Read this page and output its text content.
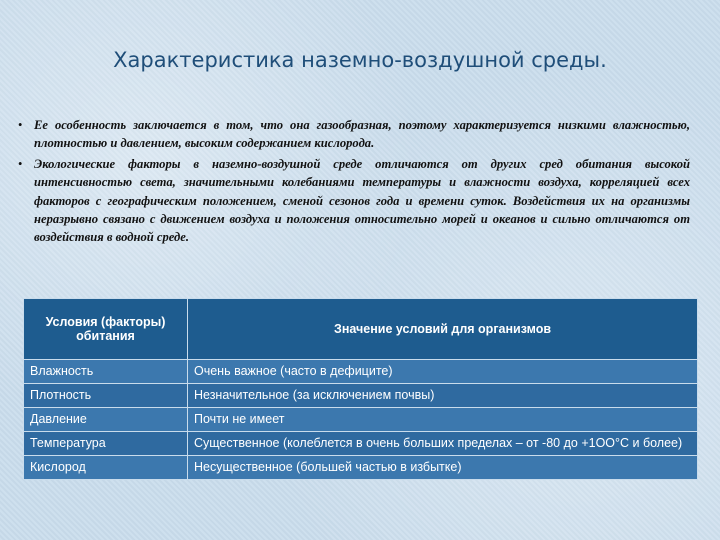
Характеристика наземно-воздушной среды.
• Ее особенность заключается в том, что она газообразная, поэтому характеризуется низкими влажностью, плотностью и давлением, высоким содержанием кислорода.
• Экологические факторы в наземно-воздушной среде отличаются от других сред обитания высокой интенсивностью света, значительными колебаниями температуры и влажности воздуха, корреляцией всех факторов с географическим положением, сменой сезонов года и времени суток. Воздействия их на организмы неразрывно связано с движением воздуха и положения относительно морей и океанов и сильно отличаются от воздействия в водной среде.
Условия (факторы) обитания	Значение условий для организмов
Влажность	Очень важное (часто в дефиците)
Плотность	Незначительное (за исключением почвы)
Давление	Почти не имеет
Температура	Существенное (колеблется в очень больших пределах – от -80 до +1OO°C и более)
Кислород	Несущественное (большей частью в избытке)
